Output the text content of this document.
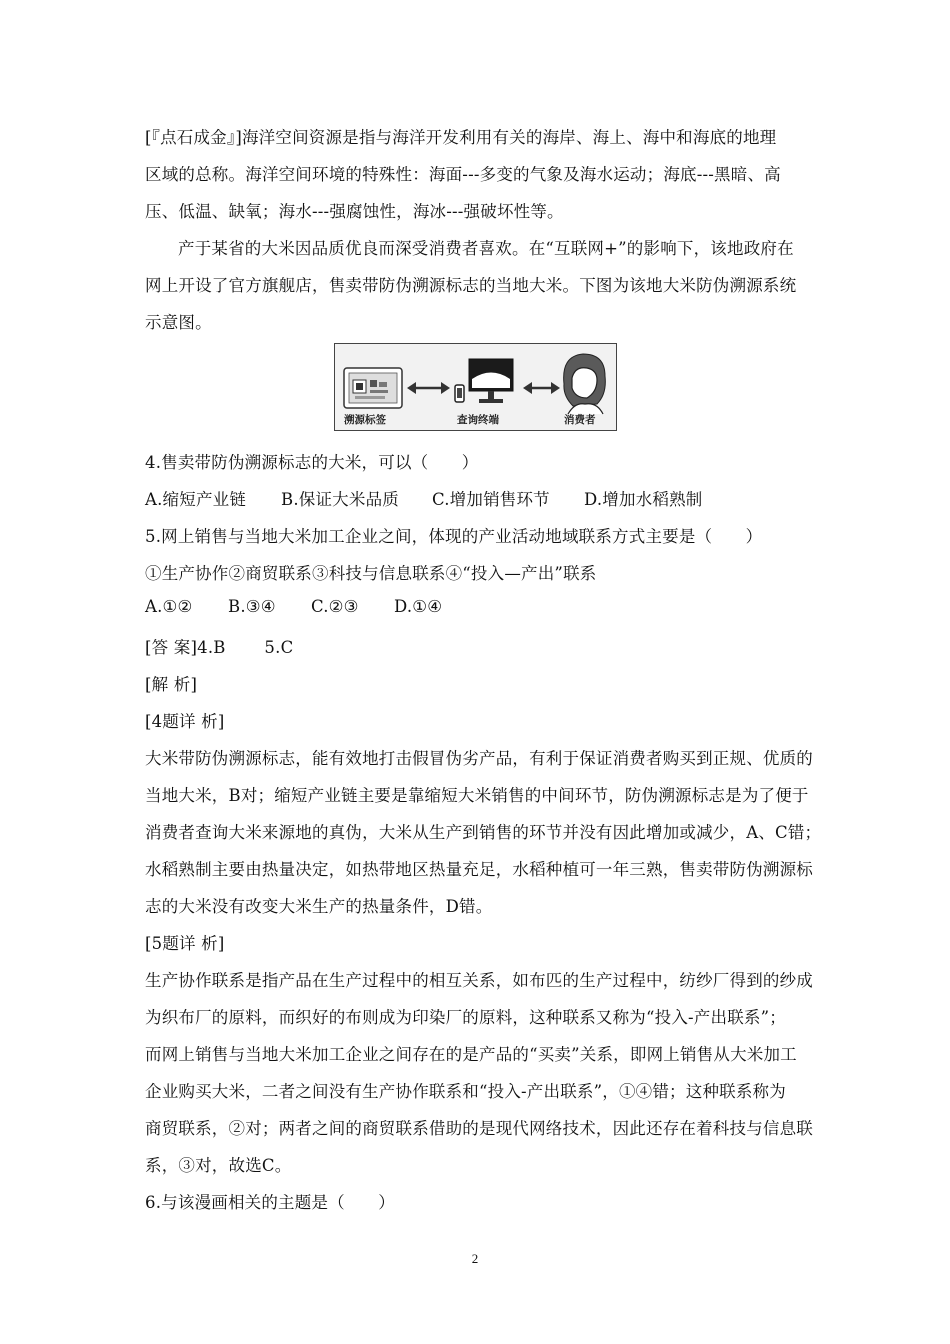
[『点石成金』]海洋空间资源是指与海洋开发利用有关的海岸、海上、海中和海底的地理
区域的总称。海洋空间环境的特殊性：海面---多变的气象及海水运动；海底---黑暗、高
压、低温、缺氧；海水---强腐蚀性，海冰---强破坏性等。
产于某省的大米因品质优良而深受消费者喜欢。在“互联网+”的影响下，该地政府在
网上开设了官方旗舰店，售卖带防伪溯源标志的当地大米。下图为该地大米防伪溯源系统
示意图。
溯源标签	查询终端	消费者
4.售卖带防伪溯源标志的大米，可以（　　）
A.缩短产业链 B.保证大米品质 C.增加销售环节 D.增加水稻熟制
5.网上销售与当地大米加工企业之间，体现的产业活动地域联系方式主要是（　　）
①生产协作②商贸联系③科技与信息联系④“投入—产出”联系
A.①② B.③④ C.②③ D.①④
[答 案]4.B 　　5.C
[解 析]
[4题详 析]
大米带防伪溯源标志，能有效地打击假冒伪劣产品，有利于保证消费者购买到正规、优质的
当地大米，B对；缩短产业链主要是靠缩短大米销售的中间环节，防伪溯源标志是为了便于
消费者查询大米来源地的真伪，大米从生产到销售的环节并没有因此增加或减少，A、C错；
水稻熟制主要由热量决定，如热带地区热量充足，水稻种植可一年三熟，售卖带防伪溯源标
志的大米没有改变大米生产的热量条件，D错。
[5题详 析]
生产协作联系是指产品在生产过程中的相互关系，如布匹的生产过程中，纺纱厂得到的纱成
为织布厂的原料，而织好的布则成为印染厂的原料，这种联系又称为“投入-产出联系”；
而网上销售与当地大米加工企业之间存在的是产品的“买卖”关系，即网上销售从大米加工
企业购买大米，二者之间没有生产协作联系和“投入-产出联系”，①④错；这种联系称为
商贸联系，②对；两者之间的商贸联系借助的是现代网络技术，因此还存在着科技与信息联
系，③对，故选C。
6.与该漫画相关的主题是（　　）
2
